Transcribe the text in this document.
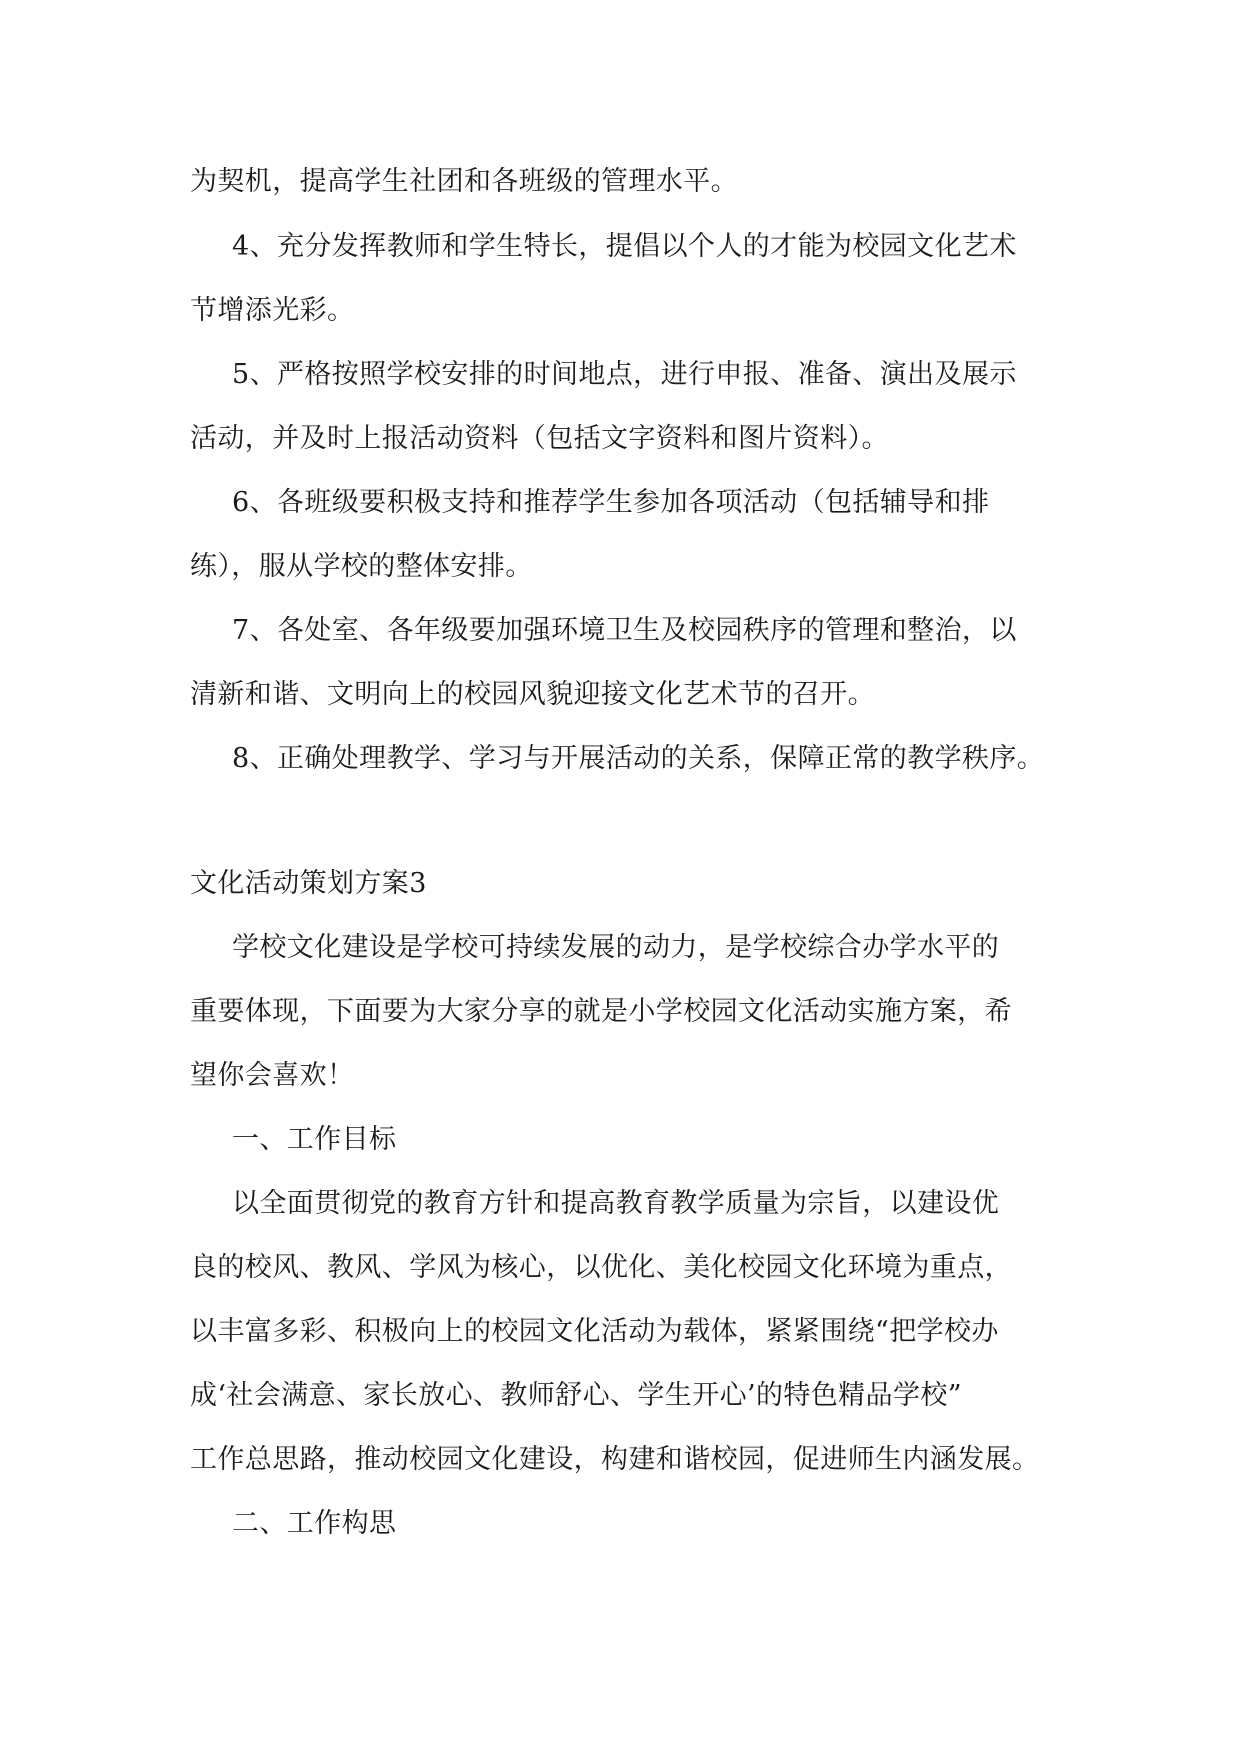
为契机，提高学生社团和各班级的管理水平。
4、充分发挥教师和学生特长，提倡以个人的才能为校园文化艺术
节增添光彩。
5、严格按照学校安排的时间地点，进行申报、准备、演出及展示
活动，并及时上报活动资料（包括文字资料和图片资料）。
6、各班级要积极支持和推荐学生参加各项活动（包括辅导和排
练），服从学校的整体安排。
7、各处室、各年级要加强环境卫生及校园秩序的管理和整治，以
清新和谐、文明向上的校园风貌迎接文化艺术节的召开。
8、正确处理教学、学习与开展活动的关系，保障正常的教学秩序。
文化活动策划方案3
学校文化建设是学校可持续发展的动力，是学校综合办学水平的
重要体现，下面要为大家分享的就是小学校园文化活动实施方案，希
望你会喜欢！
一、工作目标
以全面贯彻党的教育方针和提高教育教学质量为宗旨，以建设优
良的校风、教风、学风为核心，以优化、美化校园文化环境为重点，
以丰富多彩、积极向上的校园文化活动为载体，紧紧围绕“把学校办
成‘社会满意、家长放心、教师舒心、学生开心’的特色精品学校”
工作总思路，推动校园文化建设，构建和谐校园，促进师生内涵发展。
二、工作构思
